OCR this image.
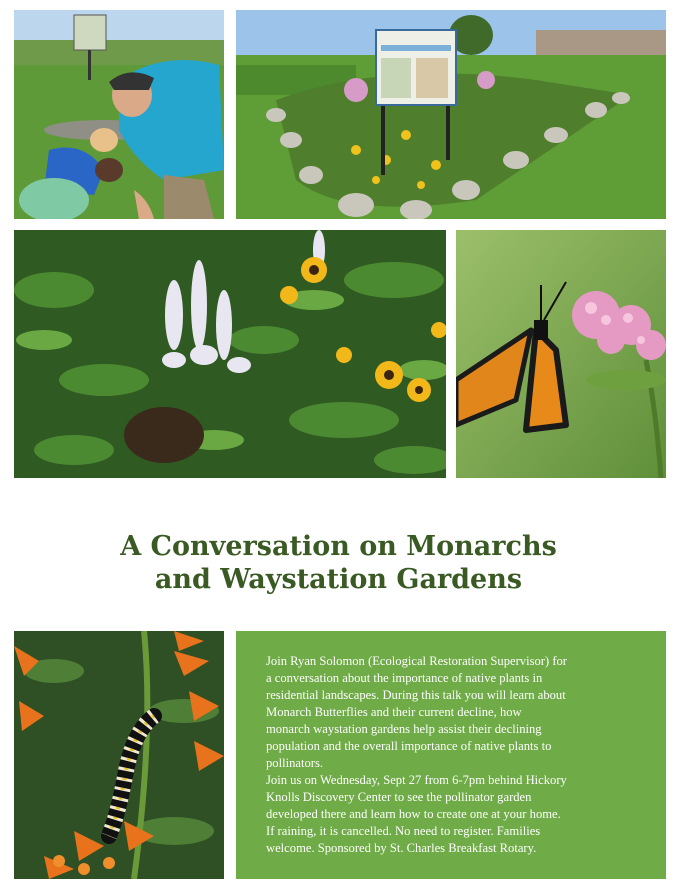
A Conversation on Monarchs
and Waystation Gardens
Join Ryan Solomon (Ecological Restoration Supervisor) for
a conversation about the importance of native plants in
residential landscapes. During this talk you will learn about
Monarch Butterflies and their current decline, how
monarch waystation gardens help assist their declining
population and the overall importance of native plants to
pollinators.
Join us on Wednesday, Sept 27 from 6-7pm behind Hickory
Knolls Discovery Center to see the pollinator garden
developed there and learn how to create one at your home.
If raining, it is cancelled. No need to register. Families
welcome. Sponsored by St. Charles Breakfast Rotary.
